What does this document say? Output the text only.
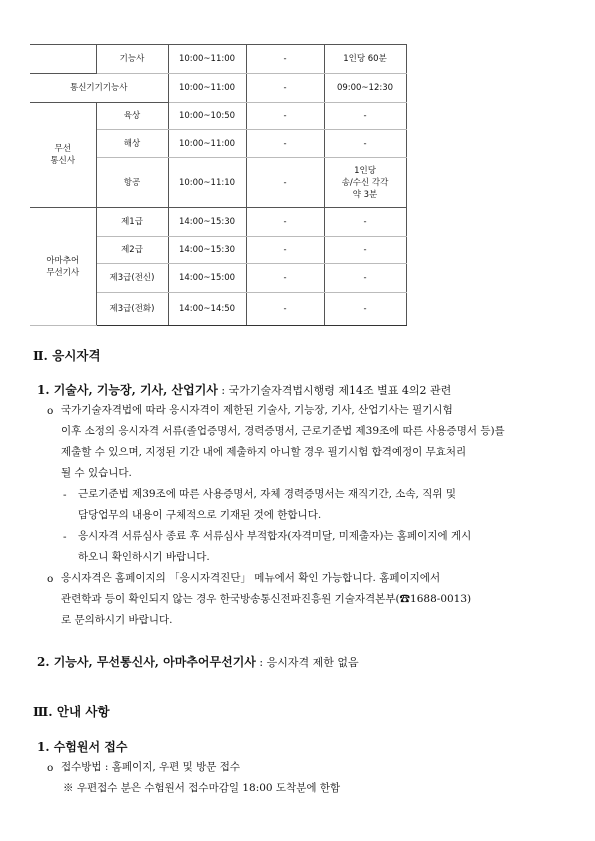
	기능사	10:00~11:00	-	1인당 60분
통신기기기능사		10:00~11:00	-	09:00~12:30
무선
통신사	육상	10:00~10:50	-	-
	해상	10:00~11:00	-	-
	항공	10:00~11:10	-	1인당
송/수신 각각
약 3분
아마추어
무선기사	제1급	14:00~15:30	-	-
	제2급	14:00~15:30	-	-
	제3급(전신)	14:00~15:00	-	-
	제3급(전화)	14:00~14:50	-	-
Ⅱ. 응시자격
1. 기술사, 기능장, 기사, 산업기사 : 국가기술자격법시행령 제14조 별표 4의2 관련
o 국가기술자격법에 따라 응시자격이 제한된 기술사, 기능장, 기사, 산업기사는 필기시험
이후 소정의 응시자격 서류(졸업증명서, 경력증명서, 근로기준법 제39조에 따른 사용증명서 등)를
제출할 수 있으며, 지정된 기간 내에 제출하지 아니할 경우 필기시험 합격예정이 무효처리
될 수 있습니다.
- 근로기준법 제39조에 따른 사용증명서, 자체 경력증명서는 재직기간, 소속, 직위 및
담당업무의 내용이 구체적으로 기재된 것에 한합니다.
- 응시자격 서류심사 종료 후 서류심사 부적합자(자격미달, 미제출자)는 홈페이지에 게시
하오니 확인하시기 바랍니다.
o 응시자격은 홈페이지의 「응시자격진단」 메뉴에서 확인 가능합니다. 홈페이지에서
관련학과 등이 확인되지 않는 경우 한국방송통신전파진흥원 기술자격본부(☎1688-0013)
로 문의하시기 바랍니다.
2. 기능사, 무선통신사, 아마추어무선기사 : 응시자격 제한 없음
Ⅲ. 안내 사항
1. 수험원서 접수
o 접수방법 : 홈페이지, 우편 및 방문 접수
※ 우편접수 분은 수험원서 접수마감일 18:00 도착분에 한함
